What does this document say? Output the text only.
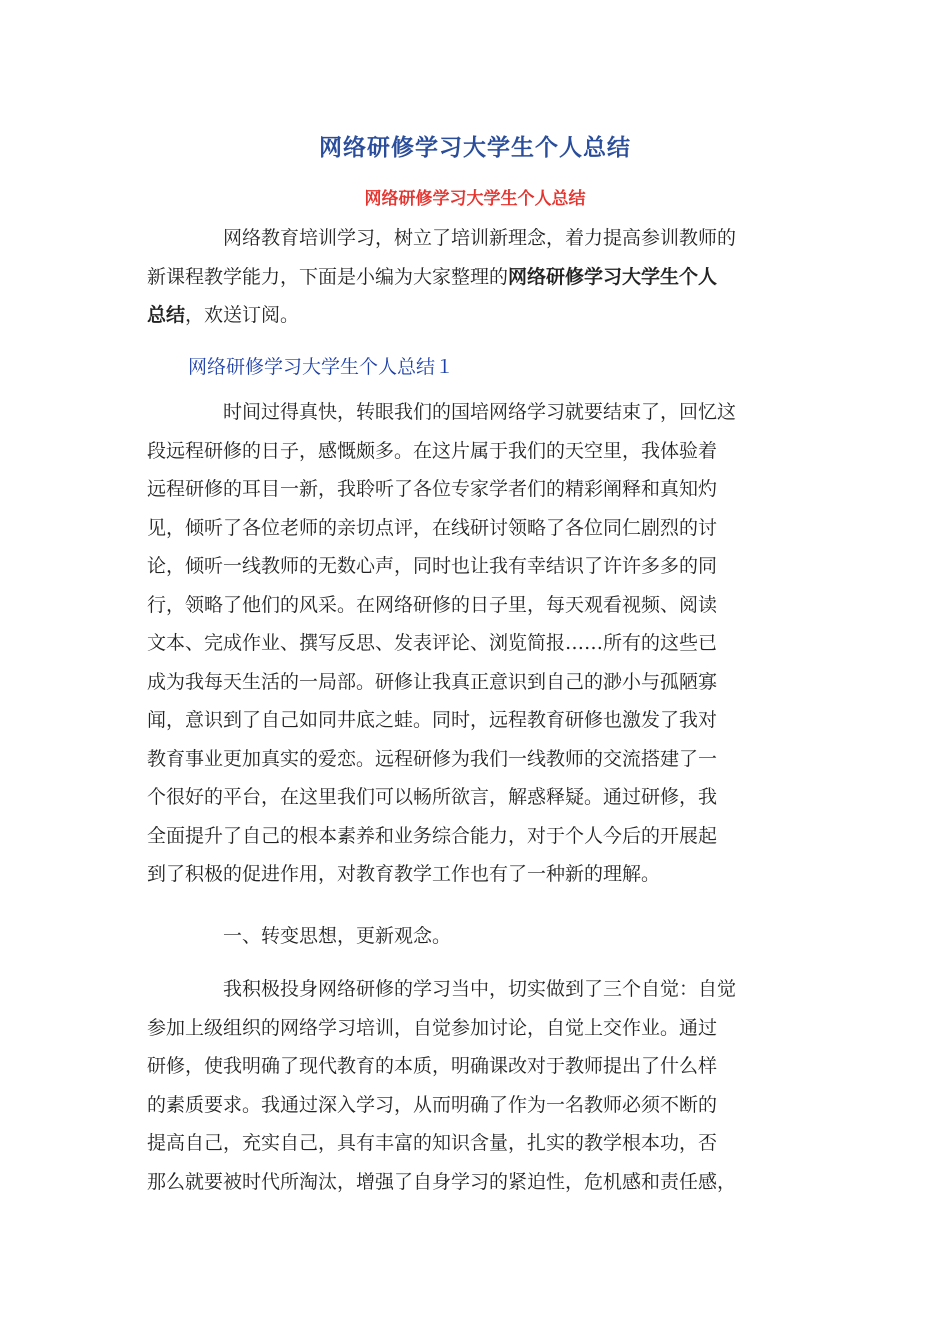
网络研修学习大学生个人总结
网络研修学习大学生个人总结
网络教育培训学习，树立了培训新理念，着力提高参训教师的
新课程教学能力，下面是小编为大家整理的网络研修学习大学生个人
总结，欢送订阅。
网络研修学习大学生个人总结１
时间过得真快，转眼我们的国培网络学习就要结束了，回忆这
段远程研修的日子，感慨颇多。在这片属于我们的天空里，我体验着
远程研修的耳目一新，我聆听了各位专家学者们的精彩阐释和真知灼
见，倾听了各位老师的亲切点评，在线研讨领略了各位同仁剧烈的讨
论，倾听一线教师的无数心声，同时也让我有幸结识了许许多多的同
行，领略了他们的风采。在网络研修的日子里，每天观看视频、阅读
文本、完成作业、撰写反思、发表评论、浏览简报……所有的这些已
成为我每天生活的一局部。研修让我真正意识到自己的渺小与孤陋寡
闻，意识到了自己如同井底之蛙。同时，远程教育研修也激发了我对
教育事业更加真实的爱恋。远程研修为我们一线教师的交流搭建了一
个很好的平台，在这里我们可以畅所欲言，解惑释疑。通过研修，我
全面提升了自己的根本素养和业务综合能力，对于个人今后的开展起
到了积极的促进作用，对教育教学工作也有了一种新的理解。
一、转变思想，更新观念。
我积极投身网络研修的学习当中，切实做到了三个自觉：自觉
参加上级组织的网络学习培训，自觉参加讨论，自觉上交作业。通过
研修，使我明确了现代教育的本质，明确课改对于教师提出了什么样
的素质要求。我通过深入学习，从而明确了作为一名教师必须不断的
提高自己，充实自己，具有丰富的知识含量，扎实的教学根本功，否
那么就要被时代所淘汰，增强了自身学习的紧迫性，危机感和责任感，
